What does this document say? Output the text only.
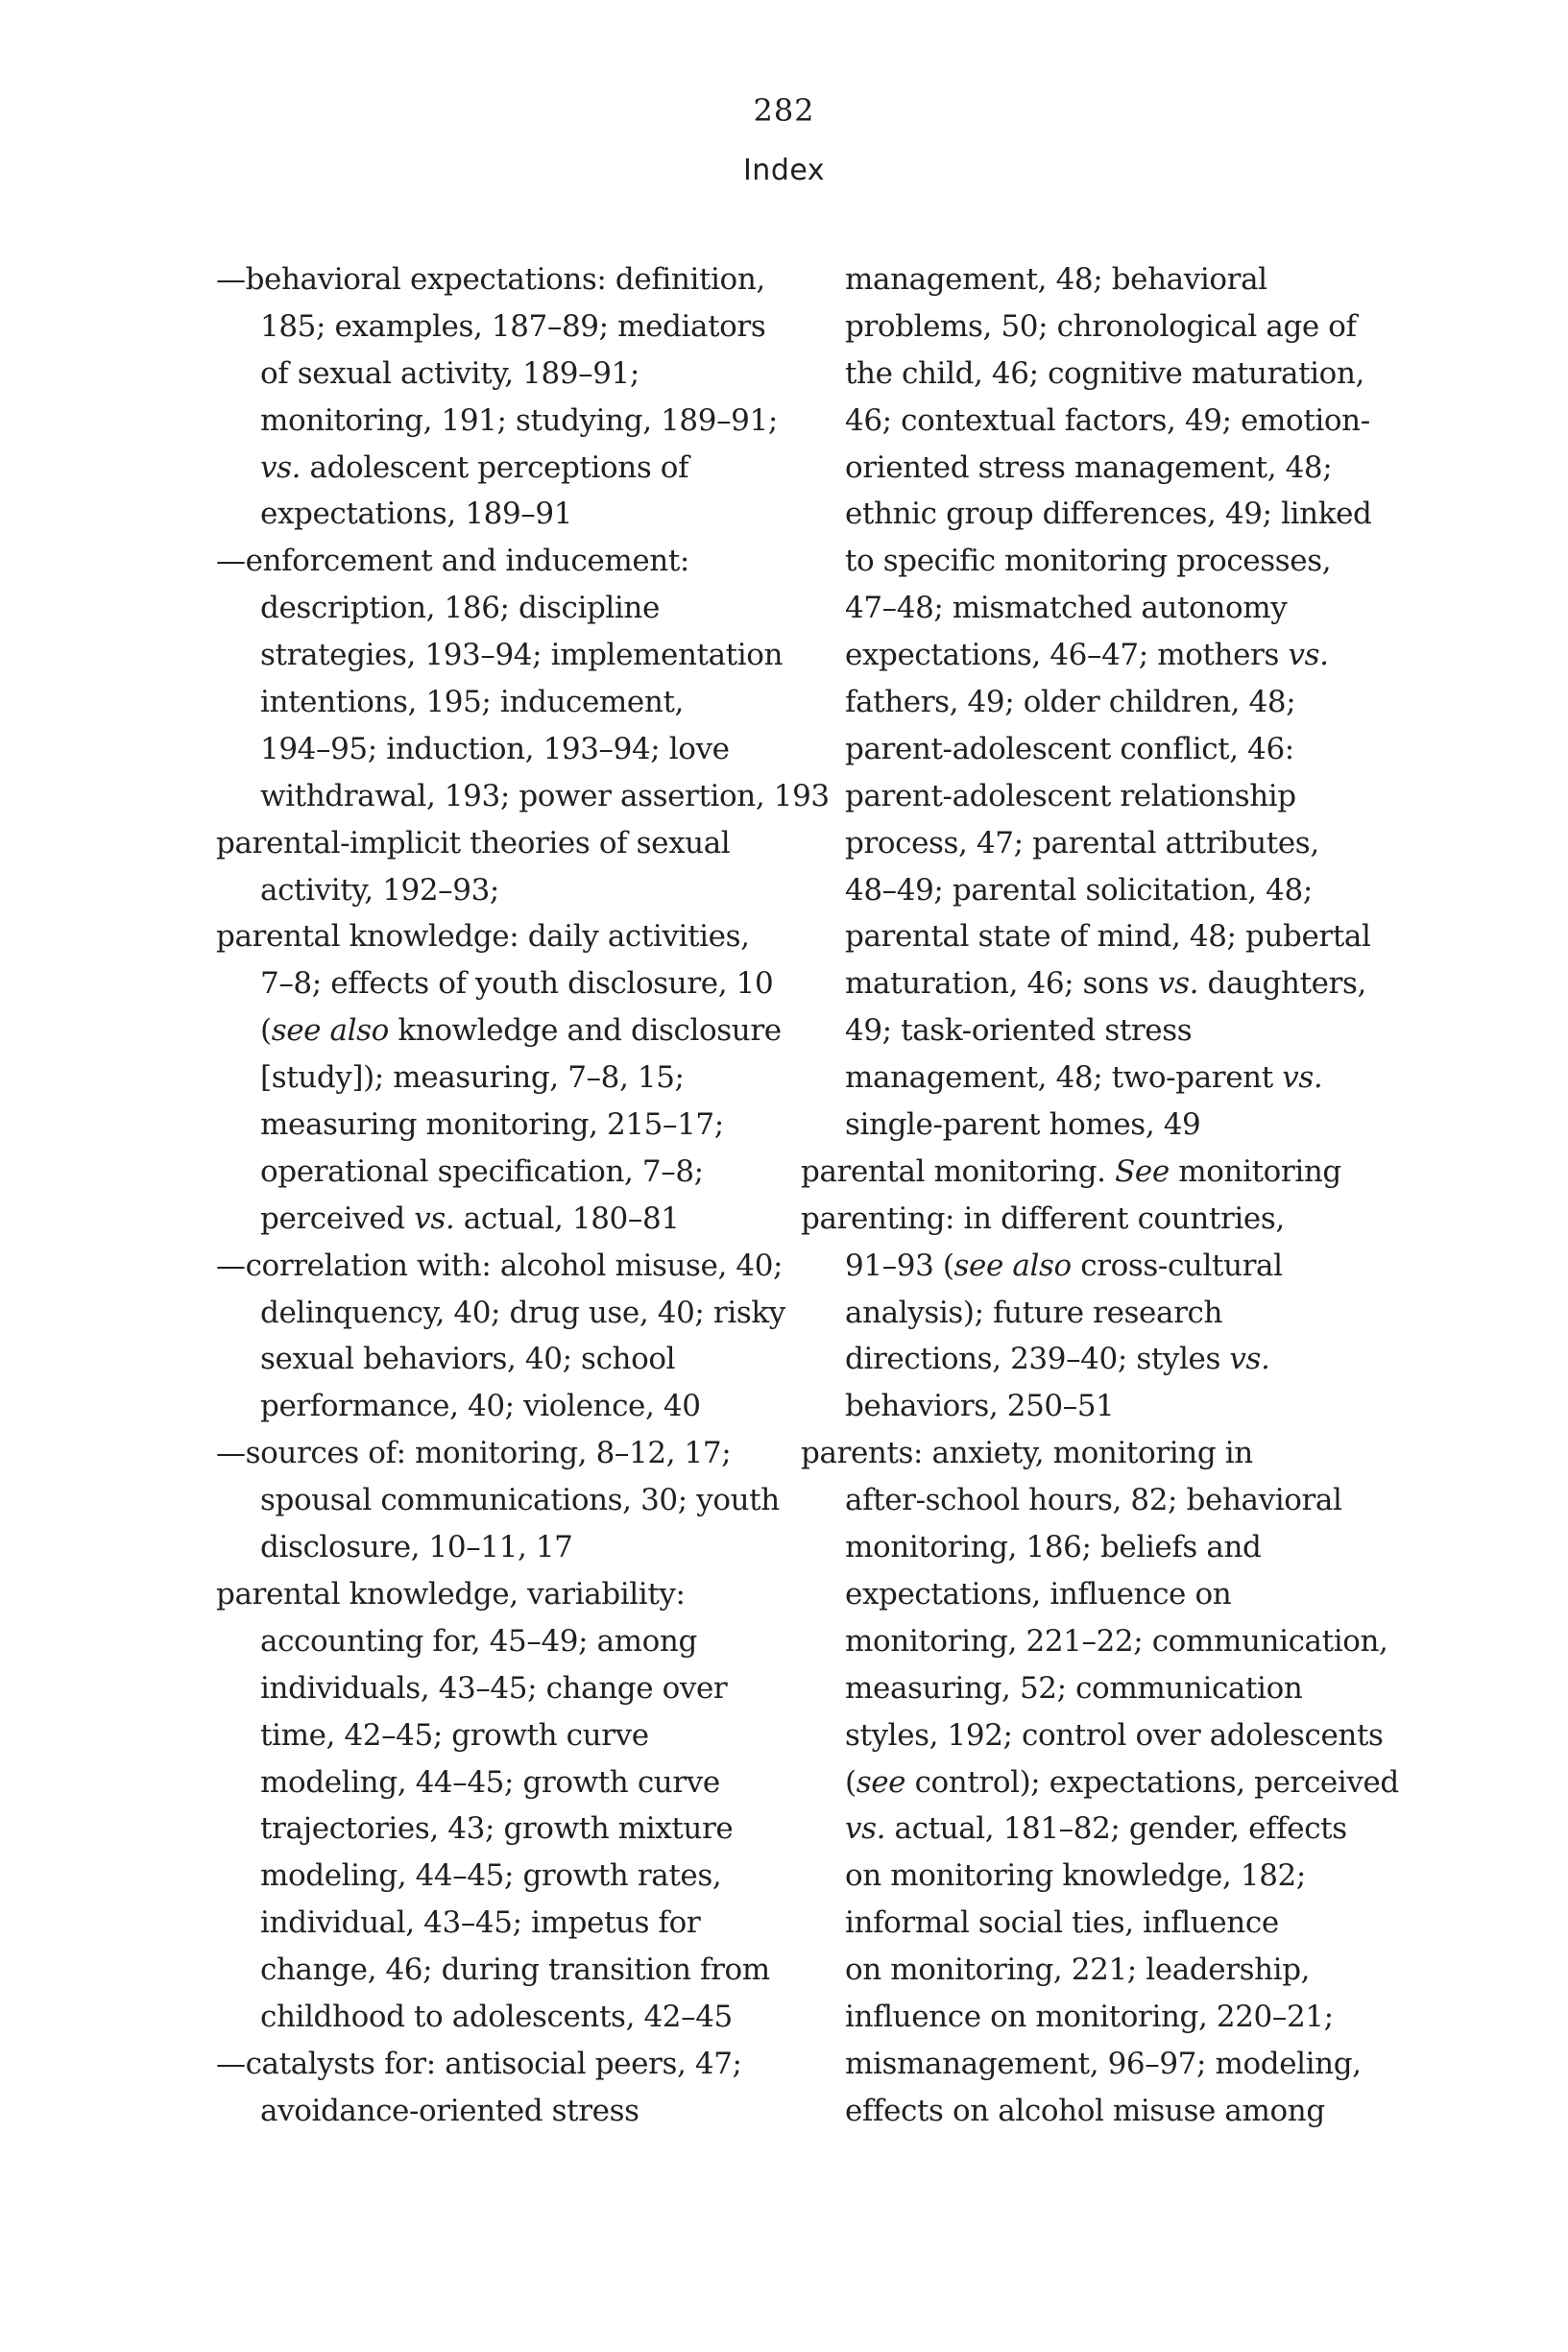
282
Index
—behavioral expectations: definition,
185; examples, 187–89; mediators
of sexual activity, 189–91;
monitoring, 191; studying, 189–91;
vs. adolescent perceptions of
expectations, 189–91
—enforcement and inducement:
description, 186; discipline
strategies, 193–94; implementation
intentions, 195; inducement,
194–95; induction, 193–94; love
withdrawal, 193; power assertion, 193
parental-implicit theories of sexual
activity, 192–93;
parental knowledge: daily activities,
7–8; effects of youth disclosure, 10
(see also knowledge and disclosure
[study]); measuring, 7–8, 15;
measuring monitoring, 215–17;
operational specification, 7–8;
perceived vs. actual, 180–81
—correlation with: alcohol misuse, 40;
delinquency, 40; drug use, 40; risky
sexual behaviors, 40; school
performance, 40; violence, 40
—sources of: monitoring, 8–12, 17;
spousal communications, 30; youth
disclosure, 10–11, 17
parental knowledge, variability:
accounting for, 45–49; among
individuals, 43–45; change over
time, 42–45; growth curve
modeling, 44–45; growth curve
trajectories, 43; growth mixture
modeling, 44–45; growth rates,
individual, 43–45; impetus for
change, 46; during transition from
childhood to adolescents, 42–45
—catalysts for: antisocial peers, 47;
avoidance-oriented stress
management, 48; behavioral
problems, 50; chronological age of
the child, 46; cognitive maturation,
46; contextual factors, 49; emotion-
oriented stress management, 48;
ethnic group differences, 49; linked
to specific monitoring processes,
47–48; mismatched autonomy
expectations, 46–47; mothers vs.
fathers, 49; older children, 48;
parent-adolescent conflict, 46:
parent-adolescent relationship
process, 47; parental attributes,
48–49; parental solicitation, 48;
parental state of mind, 48; pubertal
maturation, 46; sons vs. daughters,
49; task-oriented stress
management, 48; two-parent vs.
single-parent homes, 49
parental monitoring. See monitoring
parenting: in different countries,
91–93 (see also cross-cultural
analysis); future research
directions, 239–40; styles vs.
behaviors, 250–51
parents: anxiety, monitoring in
after-school hours, 82; behavioral
monitoring, 186; beliefs and
expectations, influence on
monitoring, 221–22; communication,
measuring, 52; communication
styles, 192; control over adolescents
(see control); expectations, perceived
vs. actual, 181–82; gender, effects
on monitoring knowledge, 182;
informal social ties, influence
on monitoring, 221; leadership,
influence on monitoring, 220–21;
mismanagement, 96–97; modeling,
effects on alcohol misuse among
